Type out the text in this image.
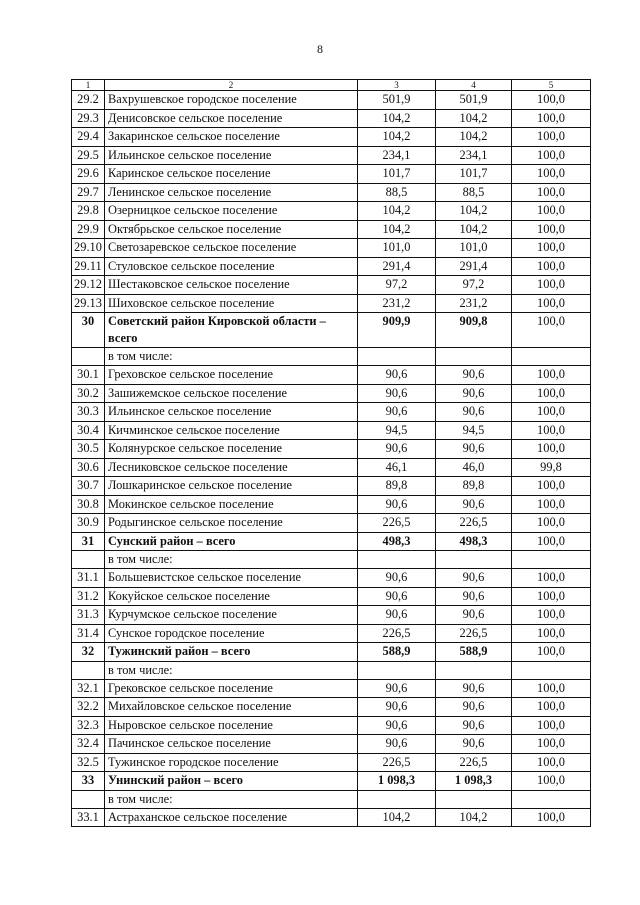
8
1	2	3	4	5
29.2	Вахрушевское городское поселение	501,9	501,9	100,0
29.3	Денисовское сельское поселение	104,2	104,2	100,0
29.4	Закаринское сельское поселение	104,2	104,2	100,0
29.5	Ильинское сельское поселение	234,1	234,1	100,0
29.6	Каринское сельское поселение	101,7	101,7	100,0
29.7	Ленинское сельское поселение	88,5	88,5	100,0
29.8	Озерницкое сельское поселение	104,2	104,2	100,0
29.9	Октябрьское сельское поселение	104,2	104,2	100,0
29.10	Светозаревское сельское поселение	101,0	101,0	100,0
29.11	Стуловское сельское поселение	291,4	291,4	100,0
29.12	Шестаковское сельское поселение	97,2	97,2	100,0
29.13	Шиховское сельское поселение	231,2	231,2	100,0
30	Советский район Кировской области – всего	909,9	909,8	100,0
	в том числе:			
30.1	Греховское сельское поселение	90,6	90,6	100,0
30.2	Зашижемское сельское поселение	90,6	90,6	100,0
30.3	Ильинское сельское поселение	90,6	90,6	100,0
30.4	Кичминское сельское поселение	94,5	94,5	100,0
30.5	Колянурское сельское поселение	90,6	90,6	100,0
30.6	Лесниковское сельское поселение	46,1	46,0	99,8
30.7	Лошкаринское сельское поселение	89,8	89,8	100,0
30.8	Мокинское сельское поселение	90,6	90,6	100,0
30.9	Родыгинское сельское поселение	226,5	226,5	100,0
31	Сунский район – всего	498,3	498,3	100,0
	в том числе:			
31.1	Большевистское сельское поселение	90,6	90,6	100,0
31.2	Кокуйское сельское поселение	90,6	90,6	100,0
31.3	Курчумское сельское поселение	90,6	90,6	100,0
31.4	Сунское городское поселение	226,5	226,5	100,0
32	Тужинский район – всего	588,9	588,9	100,0
	в том числе:			
32.1	Грековское сельское поселение	90,6	90,6	100,0
32.2	Михайловское сельское поселение	90,6	90,6	100,0
32.3	Ныровское сельское поселение	90,6	90,6	100,0
32.4	Пачинское сельское поселение	90,6	90,6	100,0
32.5	Тужинское городское поселение	226,5	226,5	100,0
33	Унинский район – всего	1 098,3	1 098,3	100,0
	в том числе:			
33.1	Астраханское сельское поселение	104,2	104,2	100,0
